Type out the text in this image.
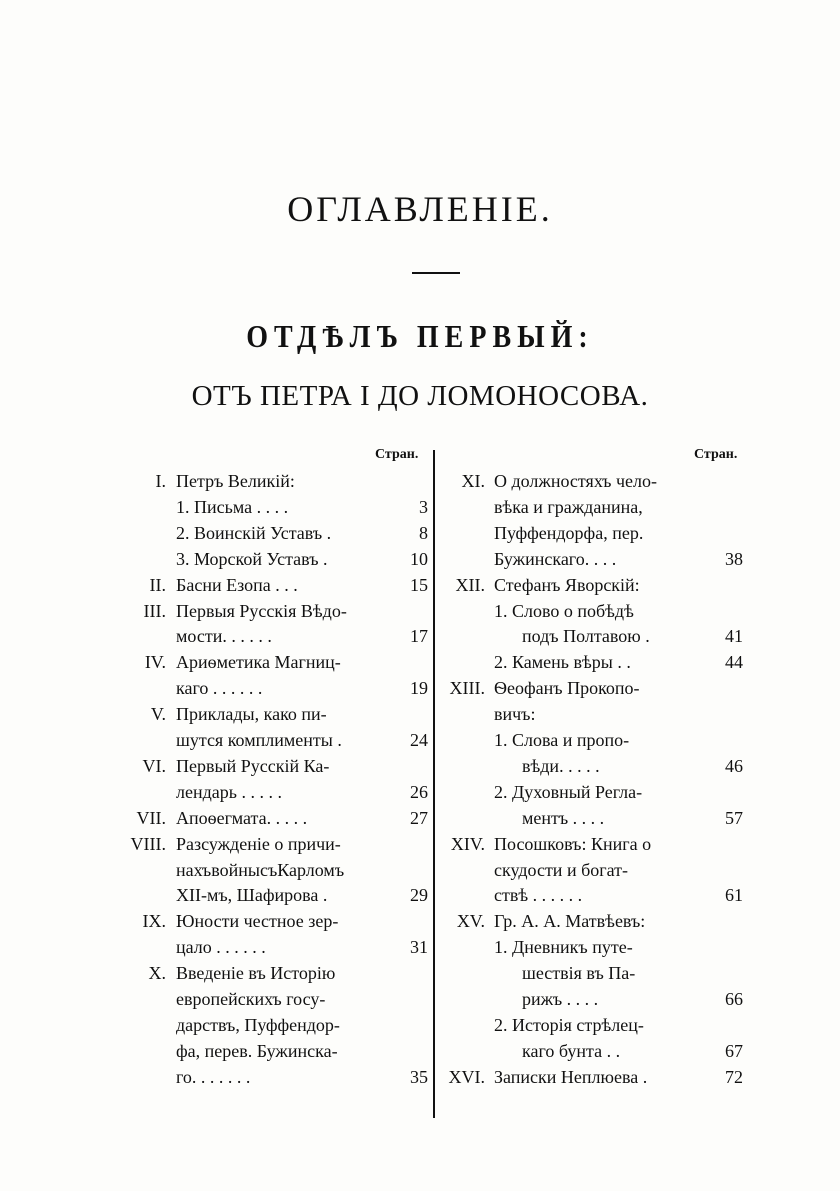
ОГЛАВЛЕНІЕ.
ОТДѢЛЪ ПЕРВЫЙ:
ОТЪ ПЕТРА I ДО ЛОМОНОСОВА.
Стран.	Стран.
I. Петръ Великій:
1. Письма . . . .	3
2. Воинскій Уставъ .	8
3. Морской Уставъ .	10
II. Басни Езопа . . .	15
III. Первыя Русскія Вѣдо-
мости. . . . . .	17
IV. Ариѳметика Магниц-
каго . . . . . .	19
V. Приклады, како пи-
шутся комплименты .	24
VI. Первый Русскій Ка-
лендарь . . . . .	26
VII. Апоѳегмата. . . . .	27
VIII. Разсужденіе о причи-
нахъвойнысъКарломъ
XII-мъ, Шафирова .	29
IX. Юности честное зер-
цало . . . . . .	31
X. Введеніе въ Исторію
европейскихъ госу-
дарствъ, Пуффендор-
фа, перев. Бужинска-
го. . . . . . .	35
XI. О должностяхъ чело-
вѣка и гражданина,
Пуффендорфа, пер.
Бужинскаго. . . .	38
XII. Стефанъ Яворскій:
1. Слово о побѣдѣ
подъ Полтавою .	41
2. Камень вѣры . .	44
XIII. Ѳеофанъ Прокопо-
вичъ:
1. Слова и пропо-
вѣди. . . . .	46
2. Духовный Регла-
ментъ . . . .	57
XIV. Посошковъ: Книга о
скудости и богат-
ствѣ . . . . . .	61
XV. Гр. А. А. Матвѣевъ:
1. Дневникъ путе-
шествія въ Па-
рижъ . . . .	66
2. Исторія стрѣлец-
каго бунта . .	67
XVI. Записки Неплюева .	72
